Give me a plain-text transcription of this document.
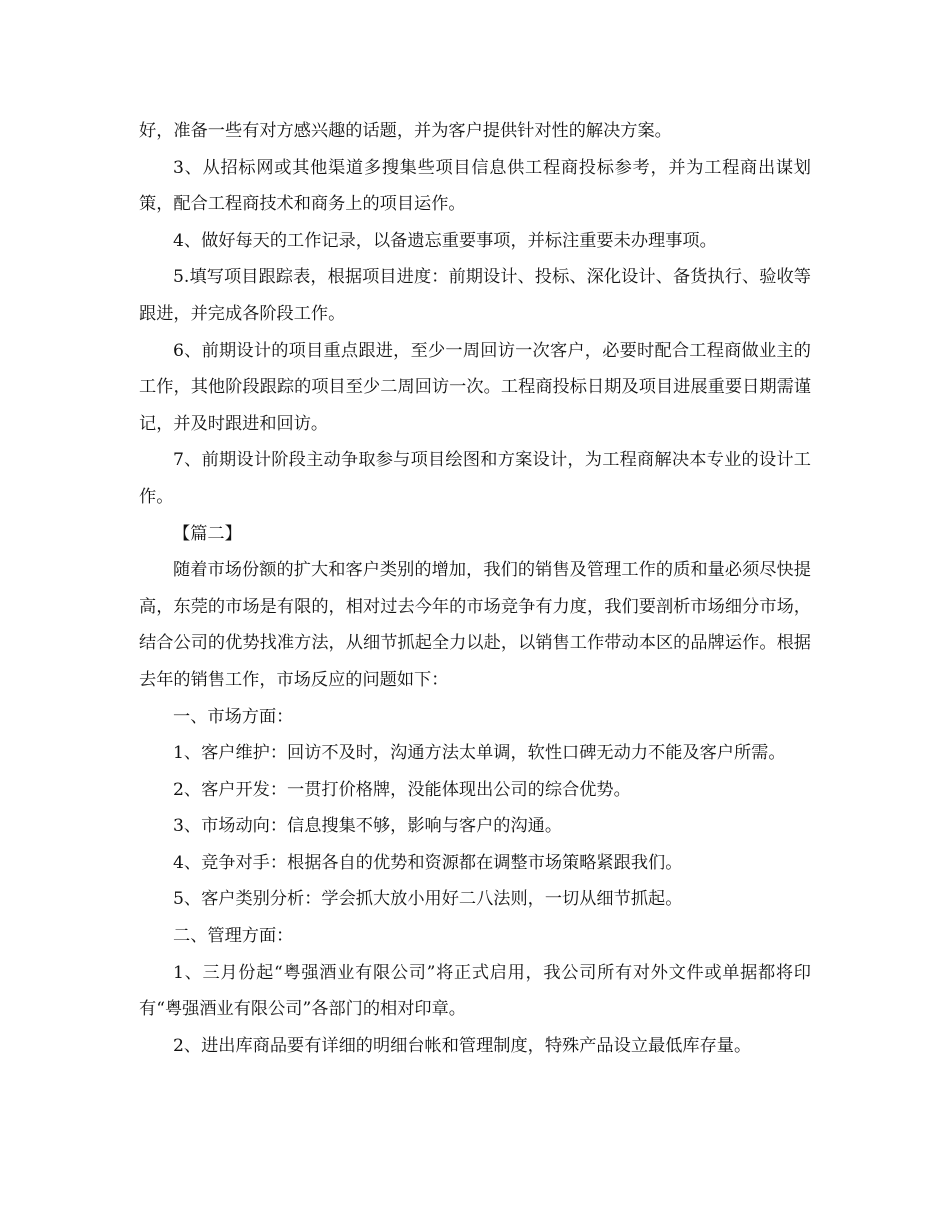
好，准备一些有对方感兴趣的话题，并为客户提供针对性的解决方案。

3、从招标网或其他渠道多搜集些项目信息供工程商投标参考，并为工程商出谋划策，配合工程商技术和商务上的项目运作。

4、做好每天的工作记录，以备遗忘重要事项，并标注重要未办理事项。

5.填写项目跟踪表，根据项目进度：前期设计、投标、深化设计、备货执行、验收等跟进，并完成各阶段工作。

6、前期设计的项目重点跟进，至少一周回访一次客户，必要时配合工程商做业主的工作，其他阶段跟踪的项目至少二周回访一次。工程商投标日期及项目进展重要日期需谨记，并及时跟进和回访。

7、前期设计阶段主动争取参与项目绘图和方案设计，为工程商解决本专业的设计工作。

【篇二】

随着市场份额的扩大和客户类别的增加，我们的销售及管理工作的质和量必须尽快提高，东莞的市场是有限的，相对过去今年的市场竞争有力度，我们要剖析市场细分市场，结合公司的优势找准方法，从细节抓起全力以赴，以销售工作带动本区的品牌运作。根据去年的销售工作，市场反应的问题如下：

一、市场方面：

1、客户维护：回访不及时，沟通方法太单调，软性口碑无动力不能及客户所需。

2、客户开发：一贯打价格牌，没能体现出公司的综合优势。

3、市场动向：信息搜集不够，影响与客户的沟通。

4、竞争对手：根据各自的优势和资源都在调整市场策略紧跟我们。

5、客户类别分析：学会抓大放小用好二八法则，一切从细节抓起。

二、管理方面：

1、三月份起“粤强酒业有限公司”将正式启用，我公司所有对外文件或单据都将印有“粤强酒业有限公司”各部门的相对印章。

2、进出库商品要有详细的明细台帐和管理制度，特殊产品设立最低库存量。
